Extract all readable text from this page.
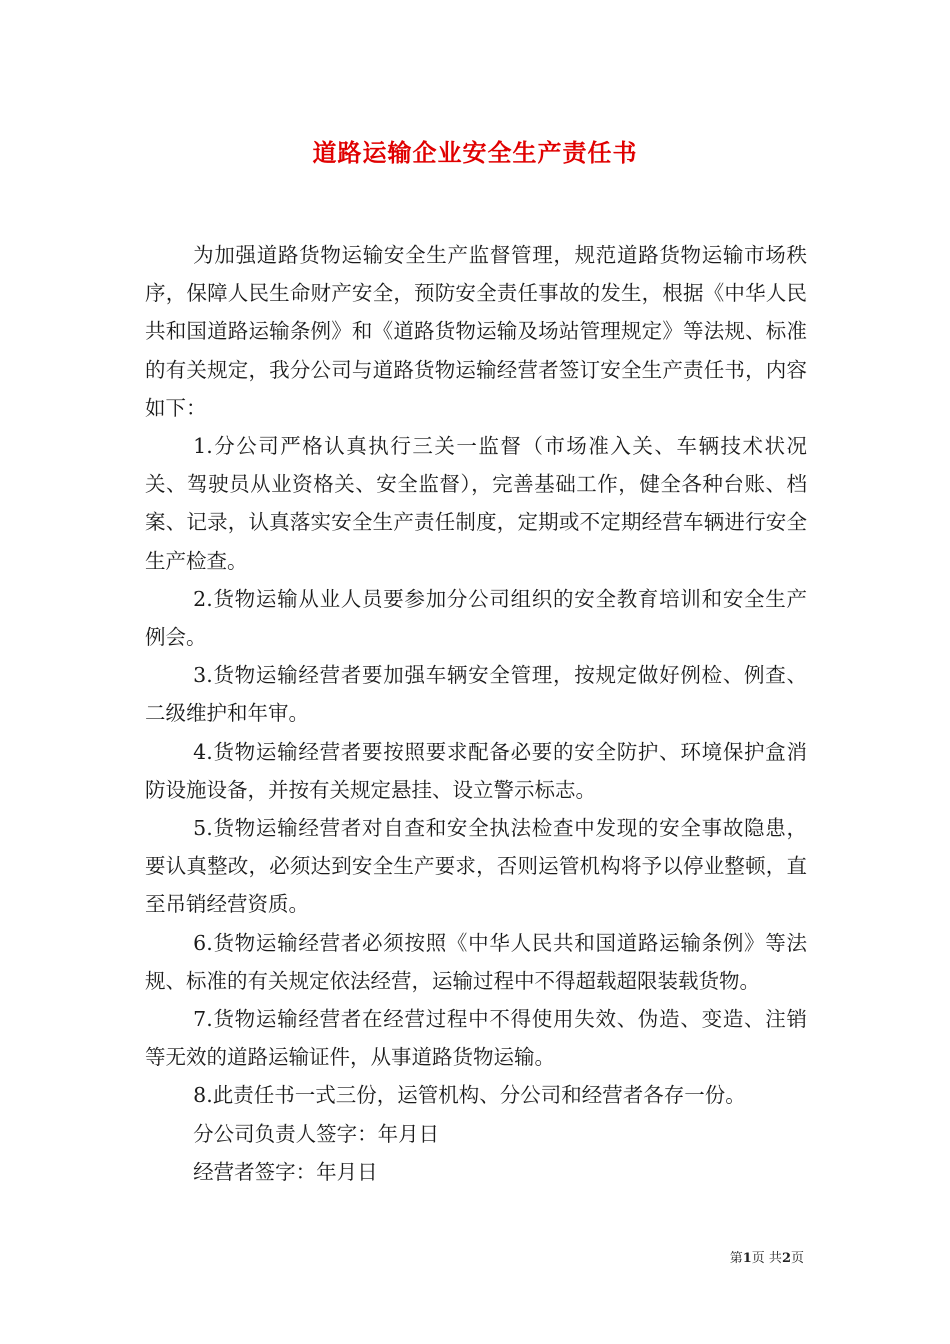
道路运输企业安全生产责任书

为加强道路货物运输安全生产监督管理，规范道路货物运输市场秩序，保障人民生命财产安全，预防安全责任事故的发生，根据《中华人民共和国道路运输条例》和《道路货物运输及场站管理规定》等法规、标准的有关规定，我分公司与道路货物运输经营者签订安全生产责任书，内容如下：

1.分公司严格认真执行三关一监督（市场准入关、车辆技术状况关、驾驶员从业资格关、安全监督），完善基础工作，健全各种台账、档案、记录，认真落实安全生产责任制度，定期或不定期经营车辆进行安全生产检查。

2.货物运输从业人员要参加分公司组织的安全教育培训和安全生产例会。

3.货物运输经营者要加强车辆安全管理，按规定做好例检、例查、二级维护和年审。

4.货物运输经营者要按照要求配备必要的安全防护、环境保护盒消防设施设备，并按有关规定悬挂、设立警示标志。

5.货物运输经营者对自查和安全执法检查中发现的安全事故隐患，要认真整改，必须达到安全生产要求，否则运管机构将予以停业整顿，直至吊销经营资质。

6.货物运输经营者必须按照《中华人民共和国道路运输条例》等法规、标准的有关规定依法经营，运输过程中不得超载超限装载货物。

7.货物运输经营者在经营过程中不得使用失效、伪造、变造、注销等无效的道路运输证件，从事道路货物运输。

8.此责任书一式三份，运管机构、分公司和经营者各存一份。

分公司负责人签字：年月日

经营者签字：年月日

第1页 共2页
